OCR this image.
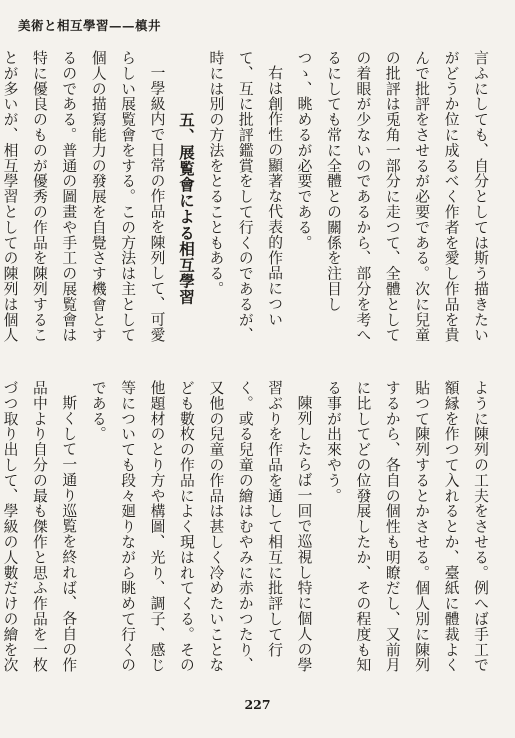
美術と相互學習——槙井

言ふにしても、自分としては斯う描きたいがどうか位に成るべく作者を愛し作品を貴んで批評をさせるが必要である。次に兒童の批評は兎角一部分に走つて、全體としての着眼が少ないのであるから、部分を考へるにしても常に全體との關係を注目しつゝ、眺めるが必要である。

右は創作性の顯著な代表的作品について、互に批評鑑賞をして行くのであるが、時には別の方法をとることもある。

五、展覧會による相互學習

一學級内で日常の作品を陳列して、可愛らしい展覧會をする。この方法は主として個人の描寫能力の發展を自覺さす機會とするのである。普通の圖畫や手工の展覧會は特に優良のものが優秀の作品を陳列することが多いが、相互學習としての陳列は個人

ように陳列の工夫をさせる。例へば手工で額縁を作つて入れるとか、臺紙に體裁よく貼つて陳列するとかさせる。個人別に陳列するから、各自の個性も明瞭だし、又前月に比してどの位發展したか、その程度も知る事が出來やう。

陳列したらば一回で巡視し特に個人の學習ぶりを作品を通して相互に批評して行く。或る兒童の繪はむやみに赤かつたり、又他の兒童の作品は甚しく冷めたいことなども數枚の作品によく現はれてくる。その他題材のとり方や構圖、光り、調子、感じ等についても段々廻りながら眺めて行くのである。

斯くして一通り巡覧を終れば、各自の作品中より自分の最も傑作と思ふ作品を一枚づつ取り出して、學級の人數だけの繪を次

227
